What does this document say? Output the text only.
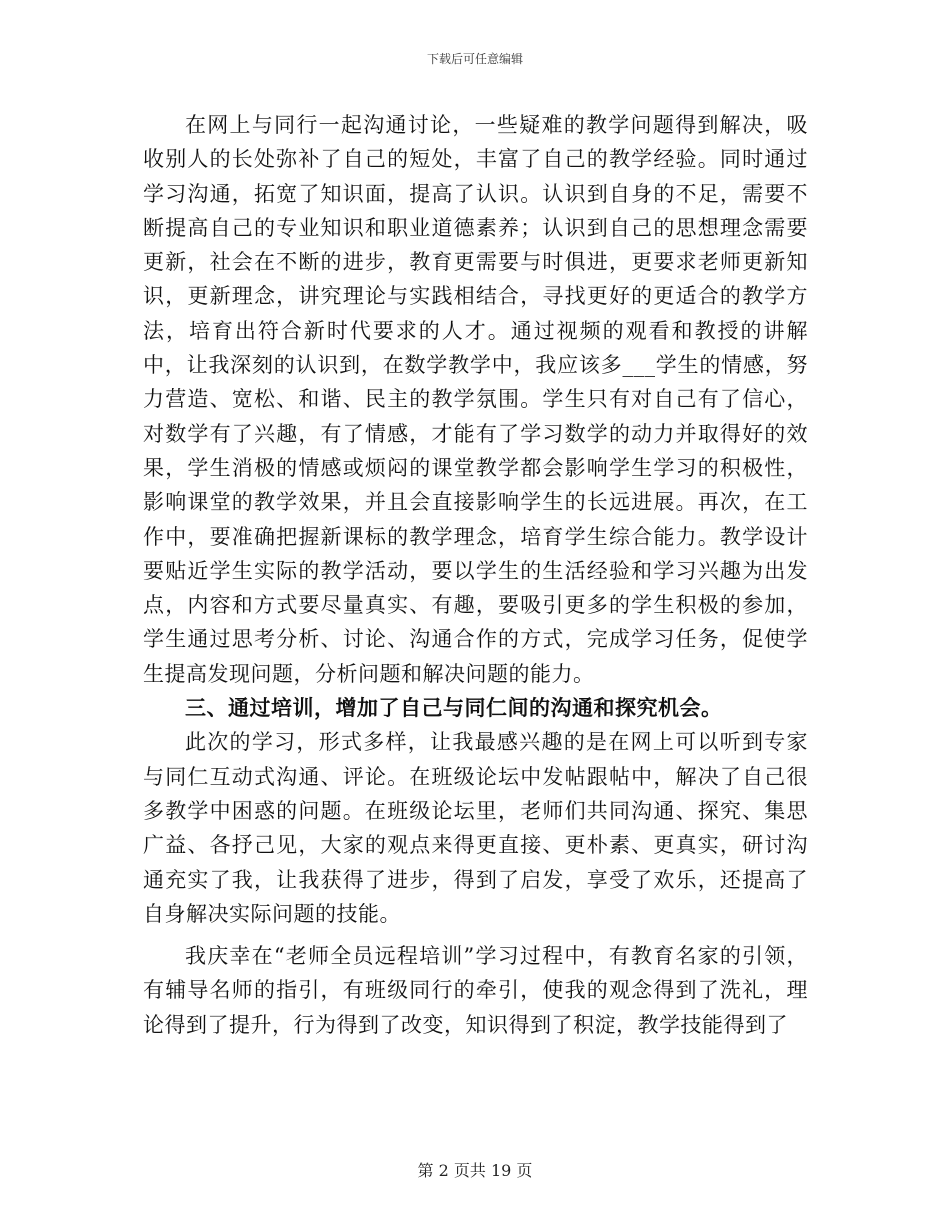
下载后可任意编辑

在网上与同行一起沟通讨论，一些疑难的教学问题得到解决，吸收别人的长处弥补了自己的短处，丰富了自己的教学经验。同时通过学习沟通，拓宽了知识面，提高了认识。认识到自身的不足，需要不断提高自己的专业知识和职业道德素养；认识到自己的思想理念需要更新，社会在不断的进步，教育更需要与时俱进，更要求老师更新知识，更新理念，讲究理论与实践相结合，寻找更好的更适合的教学方法，培育出符合新时代要求的人才。通过视频的观看和教授的讲解中，让我深刻的认识到，在数学教学中，我应该多___学生的情感，努力营造、宽松、和谐、民主的教学氛围。学生只有对自己有了信心，对数学有了兴趣，有了情感，才能有了学习数学的动力并取得好的效果，学生消极的情感或烦闷的课堂教学都会影响学生学习的积极性，影响课堂的教学效果，并且会直接影响学生的长远进展。再次，在工作中，要准确把握新课标的教学理念，培育学生综合能力。教学设计要贴近学生实际的教学活动，要以学生的生活经验和学习兴趣为出发点，内容和方式要尽量真实、有趣，要吸引更多的学生积极的参加，学生通过思考分析、讨论、沟通合作的方式，完成学习任务，促使学生提高发现问题，分析问题和解决问题的能力。

三、通过培训，增加了自己与同仁间的沟通和探究机会。

此次的学习，形式多样，让我最感兴趣的是在网上可以听到专家与同仁互动式沟通、评论。在班级论坛中发帖跟帖中，解决了自己很多教学中困惑的问题。在班级论坛里，老师们共同沟通、探究、集思广益、各抒己见，大家的观点来得更直接、更朴素、更真实，研讨沟通充实了我，让我获得了进步，得到了启发，享受了欢乐，还提高了自身解决实际问题的技能。

我庆幸在“老师全员远程培训”学习过程中，有教育名家的引领，有辅导名师的指引，有班级同行的牵引，使我的观念得到了洗礼，理论得到了提升，行为得到了改变，知识得到了积淀，教学技能得到了

第 2 页共 19 页
